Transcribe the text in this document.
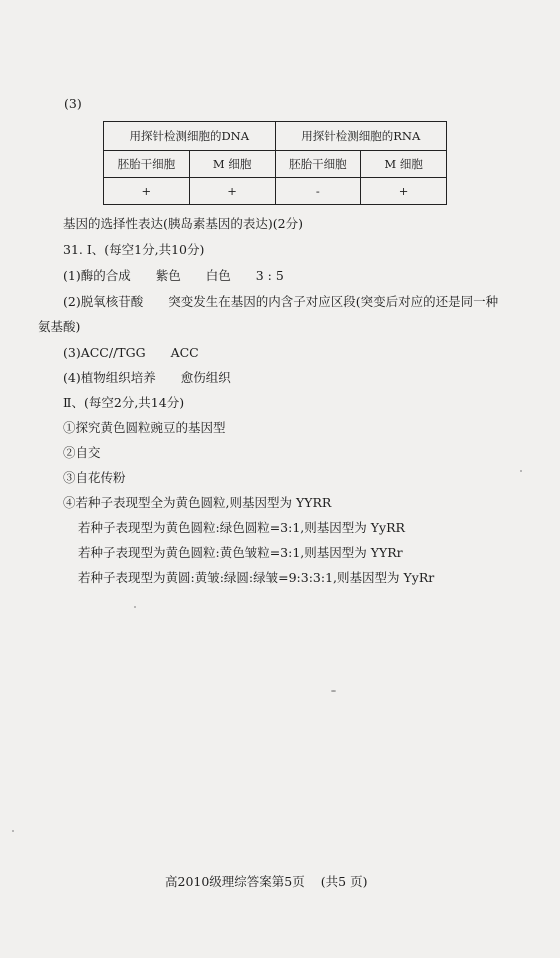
(3)
用探针检测细胞的DNA		用探针检测细胞的RNA	
胚胎干细胞	M 细胞	胚胎干细胞	M 细胞
+	+	-	+
基因的选择性表达(胰岛素基因的表达)(2分)
31. Ⅰ、(每空1分,共10分)
(1)酶的合成　　紫色　　白色　　3 : 5
(2)脱氧核苷酸　　突变发生在基因的内含子对应区段(突变后对应的还是同一种
氨基酸)
(3)ACC//TGG　　ACC
(4)植物组织培养　　愈伤组织
Ⅱ、(每空2分,共14分)
①探究黄色圆粒豌豆的基因型
②自交
③自花传粉
④若种子表现型全为黄色圆粒,则基因型为 YYRR
若种子表现型为黄色圆粒:绿色圆粒=3:1,则基因型为 YyRR
若种子表现型为黄色圆粒:黄色皱粒=3:1,则基因型为 YYRr
若种子表现型为黄圆:黄皱:绿圆:绿皱=9:3:3:1,则基因型为 YyRr
高2010级理综答案第5页 (共5 页)
